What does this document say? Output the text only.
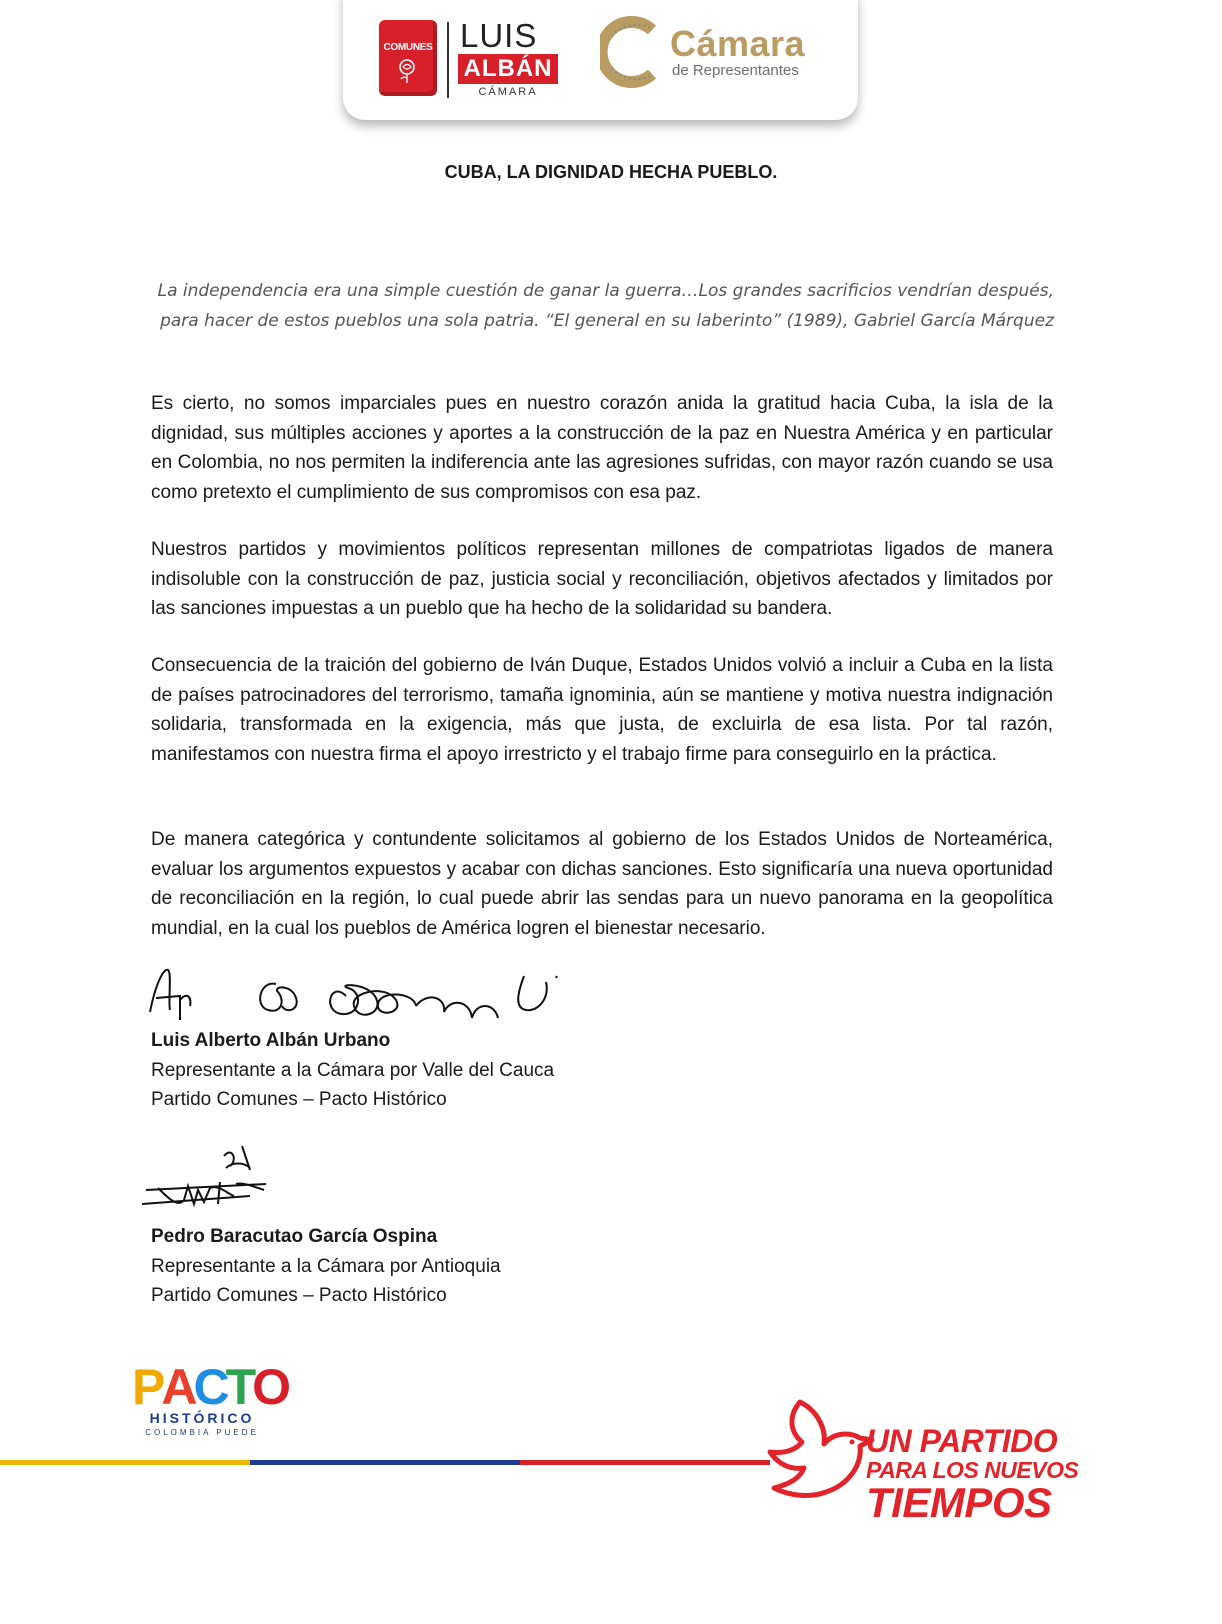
COMUNES LUIS
ALBÁN
CÁMARA
Cámara
de Representantes
CUBA, LA DIGNIDAD HECHA PUEBLO.
La independencia era una simple cuestión de ganar la guerra…Los grandes sacrificios vendrían después, para hacer de estos pueblos una sola patria. “El general en su laberinto” (1989), Gabriel García Márquez
Es cierto, no somos imparciales pues en nuestro corazón anida la gratitud hacia Cuba, la isla de la dignidad, sus múltiples acciones y aportes a la construcción de la paz en Nuestra América y en particular en Colombia, no nos permiten la indiferencia ante las agresiones sufridas, con mayor razón cuando se usa como pretexto el cumplimiento de sus compromisos con esa paz.
Nuestros partidos y movimientos políticos representan millones de compatriotas ligados de manera indisoluble con la construcción de paz, justicia social y reconciliación, objetivos afectados y limitados por las sanciones impuestas a un pueblo que ha hecho de la solidaridad su bandera.
Consecuencia de la traición del gobierno de Iván Duque, Estados Unidos volvió a incluir a Cuba en la lista de países patrocinadores del terrorismo, tamaña ignominia, aún se mantiene y motiva nuestra indignación solidaria, transformada en la exigencia, más que justa, de excluirla de esa lista. Por tal razón, manifestamos con nuestra firma el apoyo irrestricto y el trabajo firme para conseguirlo en la práctica.
De manera categórica y contundente solicitamos al gobierno de los Estados Unidos de Norteamérica, evaluar los argumentos expuestos y acabar con dichas sanciones. Esto significaría una nueva oportunidad de reconciliación en la región, lo cual puede abrir las sendas para un nuevo panorama en la geopolítica mundial, en la cual los pueblos de América logren el bienestar necesario.
Luis Alberto Albán Urbano
Representante a la Cámara por Valle del Cauca
Partido Comunes – Pacto Histórico
Pedro Baracutao García Ospina
Representante a la Cámara por Antioquia
Partido Comunes – Pacto Histórico
P A C T O
HISTÓRICO
COLOMBIA PUEDE	UN PARTIDO
PARA LOS NUEVOS
TIEMPOS
